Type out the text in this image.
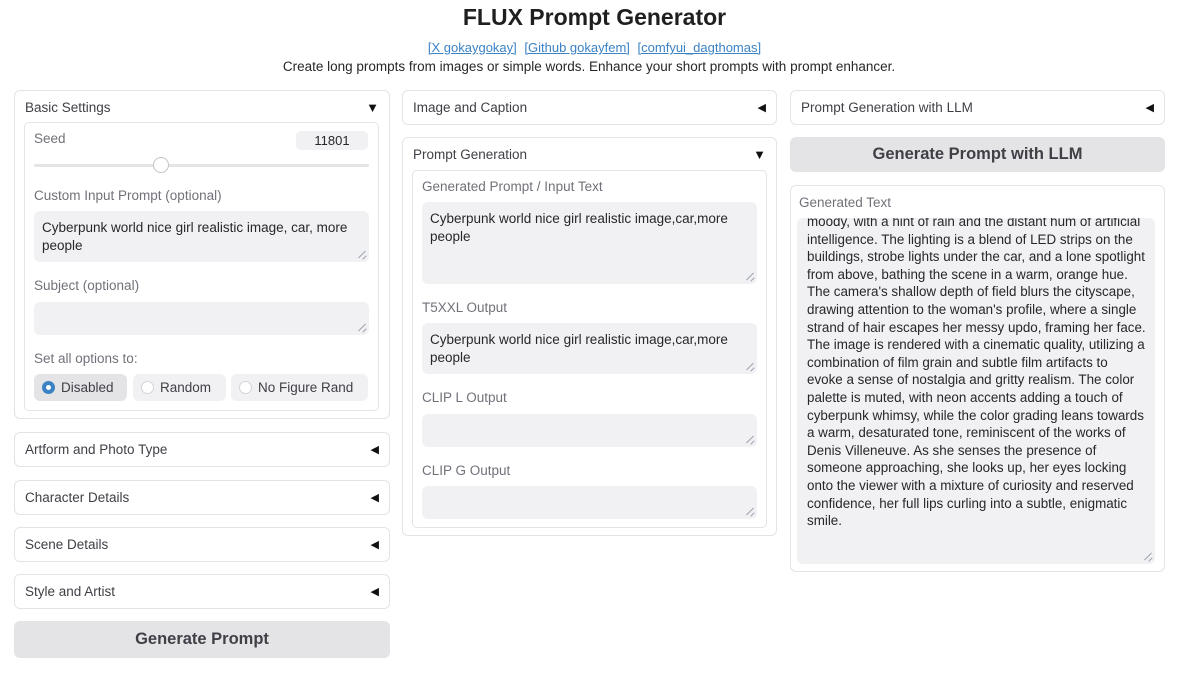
FLUX Prompt Generator
[X gokaygokay] [Github gokayfem] [comfyui_dagthomas]
Create long prompts from images or simple words. Enhance your short prompts with prompt enhancer.
Basic Settings	▼
Seed	11801
Custom Input Prompt (optional)
Cyberpunk world nice girl realistic image, car, more people
Subject (optional)
Set all options to:
Disabled	Random	No Figure Rand
Artform and Photo Type	◀
Character Details	◀
Scene Details	◀
Style and Artist	◀
Generate Prompt
Image and Caption	◀
Prompt Generation	▼
Generated Prompt / Input Text
Cyberpunk world nice girl realistic image,car,more people
T5XXL Output
Cyberpunk world nice girl realistic image,car,more people
CLIP L Output
CLIP G Output
Prompt Generation with LLM	◀
Generate Prompt with LLM
Generated Text
moody, with a hint of rain and the distant hum of artificial intelligence. The lighting is a blend of LED strips on the buildings, strobe lights under the car, and a lone spotlight from above, bathing the scene in a warm, orange hue. The camera's shallow depth of field blurs the cityscape, drawing attention to the woman's profile, where a single strand of hair escapes her messy updo, framing her face. The image is rendered with a cinematic quality, utilizing a combination of film grain and subtle film artifacts to evoke a sense of nostalgia and gritty realism. The color palette is muted, with neon accents adding a touch of cyberpunk whimsy, while the color grading leans towards a warm, desaturated tone, reminiscent of the works of Denis Villeneuve. As she senses the presence of someone approaching, she looks up, her eyes locking onto the viewer with a mixture of curiosity and reserved confidence, her full lips curling into a subtle, enigmatic smile.
